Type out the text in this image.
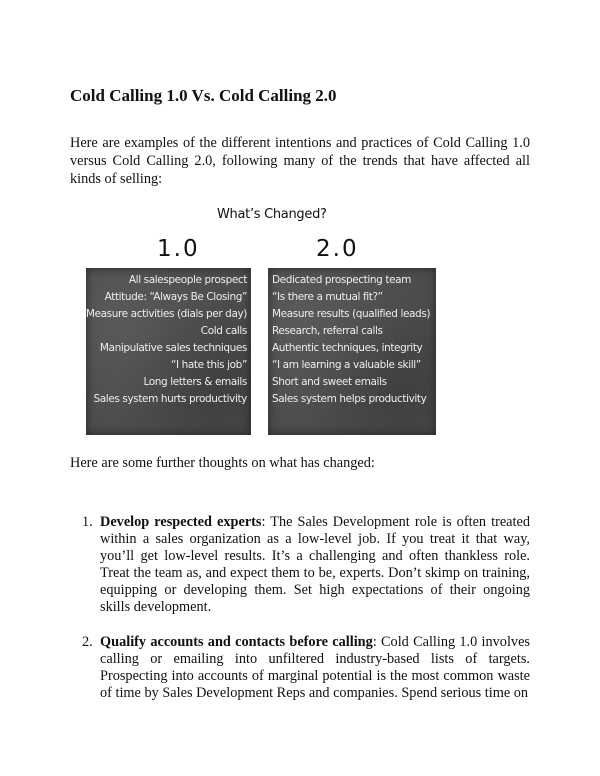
Cold Calling 1.0 Vs. Cold Calling 2.0

Here are examples of the different intentions and practices of Cold Calling 1.0 versus Cold Calling 2.0, following many of the trends that have affected all kinds of selling:

What’s Changed?
1.0	2.0
All salespeople prospect
Attitude: “Always Be Closing”
Measure activities (dials per day)
Cold calls
Manipulative sales techniques
“I hate this job”
Long letters & emails
Sales system hurts productivity
Dedicated prospecting team
“Is there a mutual fit?”
Measure results (qualified leads)
Research, referral calls
Authentic techniques, integrity
“I am learning a valuable skill”
Short and sweet emails
Sales system helps productivity

Here are some further thoughts on what has changed:

1. Develop respected experts: The Sales Development role is often treated within a sales organization as a low-level job. If you treat it that way, you’ll get low-level results. It’s a challenging and often thankless role. Treat the team as, and expect them to be, experts. Don’t skimp on training, equipping or developing them. Set high expectations of their ongoing skills development.
2. Qualify accounts and contacts before calling: Cold Calling 1.0 involves calling or emailing into unfiltered industry-based lists of targets. Prospecting into accounts of marginal potential is the most common waste of time by Sales Development Reps and companies. Spend serious time on
